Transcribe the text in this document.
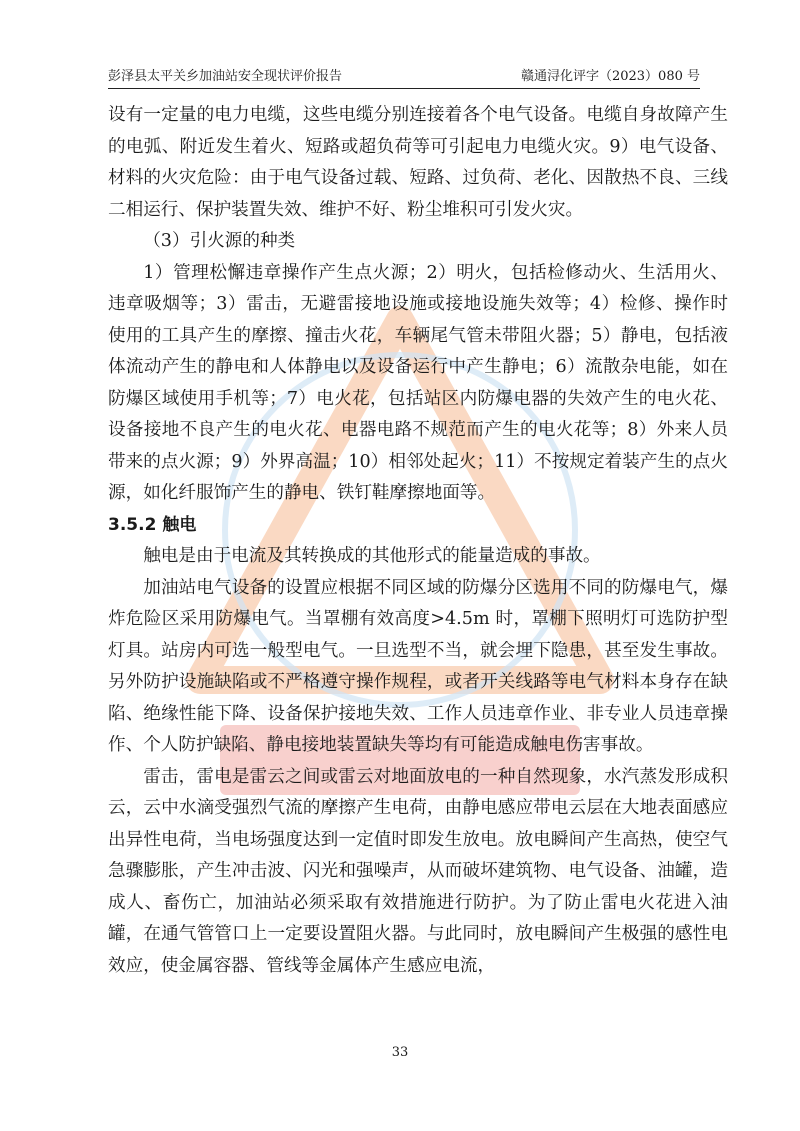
彭泽县太平关乡加油站安全现状评价报告	赣通浔化评字（2023）080 号

设有一定量的电力电缆，这些电缆分别连接着各个电气设备。电缆自身故障产生的电弧、附近发生着火、短路或超负荷等可引起电力电缆火灾。9）电气设备、材料的火灾危险：由于电气设备过载、短路、过负荷、老化、因散热不良、三线二相运行、保护装置失效、维护不好、粉尘堆积可引发火灾。

（3）引火源的种类

1）管理松懈违章操作产生点火源；2）明火，包括检修动火、生活用火、违章吸烟等；3）雷击，无避雷接地设施或接地设施失效等；4）检修、操作时使用的工具产生的摩擦、撞击火花，车辆尾气管未带阻火器；5）静电，包括液体流动产生的静电和人体静电以及设备运行中产生静电；6）流散杂电能，如在防爆区域使用手机等；7）电火花，包括站区内防爆电器的失效产生的电火花、设备接地不良产生的电火花、电器电路不规范而产生的电火花等；8）外来人员带来的点火源；9）外界高温；10）相邻处起火；11）不按规定着装产生的点火源，如化纤服饰产生的静电、铁钉鞋摩擦地面等。

3.5.2 触电

触电是由于电流及其转换成的其他形式的能量造成的事故。

加油站电气设备的设置应根据不同区域的防爆分区选用不同的防爆电气，爆炸危险区采用防爆电气。当罩棚有效高度>4.5m 时，罩棚下照明灯可选防护型灯具。站房内可选一般型电气。一旦选型不当，就会埋下隐患，甚至发生事故。另外防护设施缺陷或不严格遵守操作规程，或者开关线路等电气材料本身存在缺陷、绝缘性能下降、设备保护接地失效、工作人员违章作业、非专业人员违章操作、个人防护缺陷、静电接地装置缺失等均有可能造成触电伤害事故。

雷击，雷电是雷云之间或雷云对地面放电的一种自然现象，水汽蒸发形成积云，云中水滴受强烈气流的摩擦产生电荷，由静电感应带电云层在大地表面感应出异性电荷，当电场强度达到一定值时即发生放电。放电瞬间产生高热，使空气急骤膨胀，产生冲击波、闪光和强噪声，从而破坏建筑物、电气设备、油罐，造成人、畜伤亡，加油站必须采取有效措施进行防护。为了防止雷电火花进入油罐，在通气管管口上一定要设置阻火器。与此同时，放电瞬间产生极强的感性电效应，使金属容器、管线等金属体产生感应电流，

33
